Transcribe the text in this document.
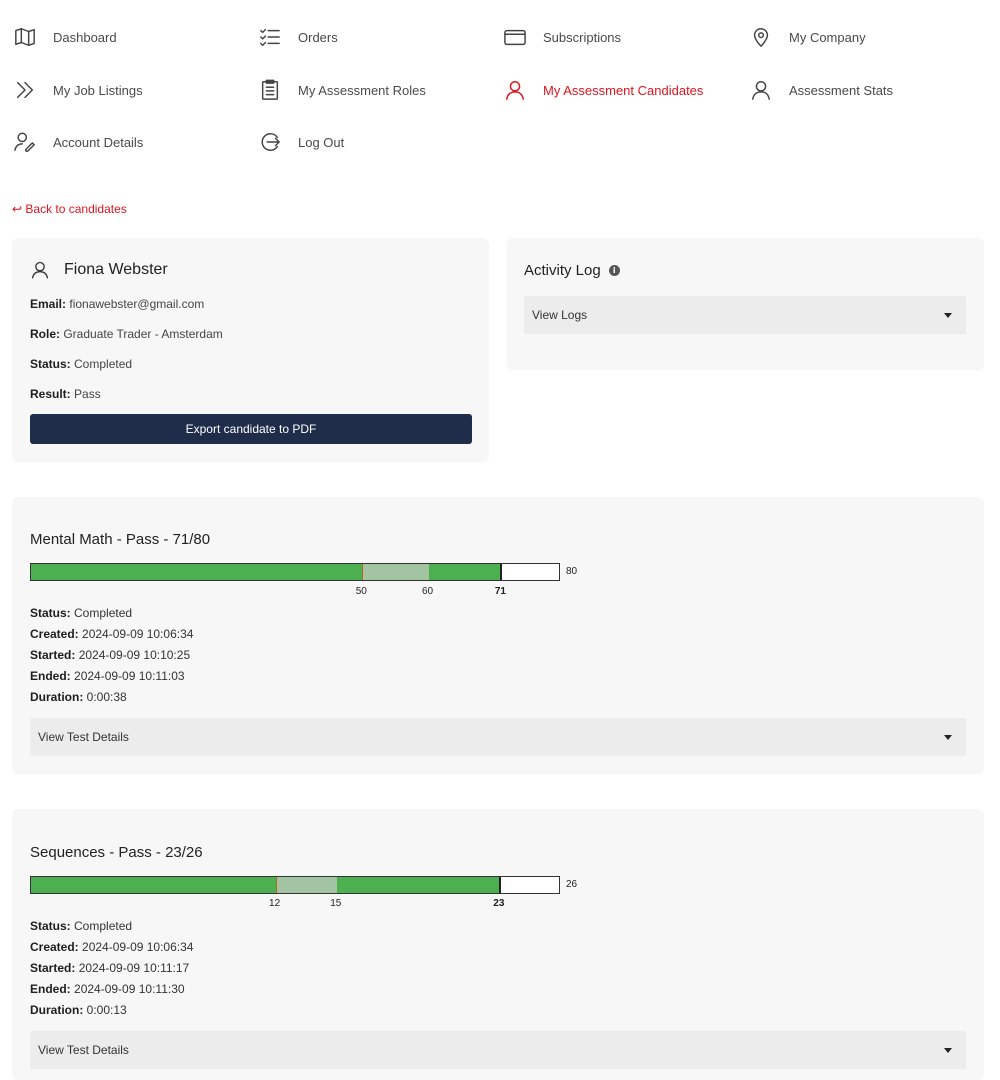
Dashboard	Orders	Subscriptions	My Company
My Job Listings	My Assessment Roles	My Assessment Candidates	Assessment Stats
Account Details	Log Out
↩ Back to candidates
Fiona Webster
Email: fionawebster@gmail.com
Role: Graduate Trader - Amsterdam
Status: Completed
Result: Pass
Export candidate to PDF
Activity Log	i
View Logs
Mental Math - Pass - 71/80
80
50	60	71
Status: Completed
Created: 2024-09-09 10:06:34
Started: 2024-09-09 10:10:25
Ended: 2024-09-09 10:11:03
Duration: 0:00:38
View Test Details
Sequences - Pass - 23/26
26
12	15	23
Status: Completed
Created: 2024-09-09 10:06:34
Started: 2024-09-09 10:11:17
Ended: 2024-09-09 10:11:30
Duration: 0:00:13
View Test Details
